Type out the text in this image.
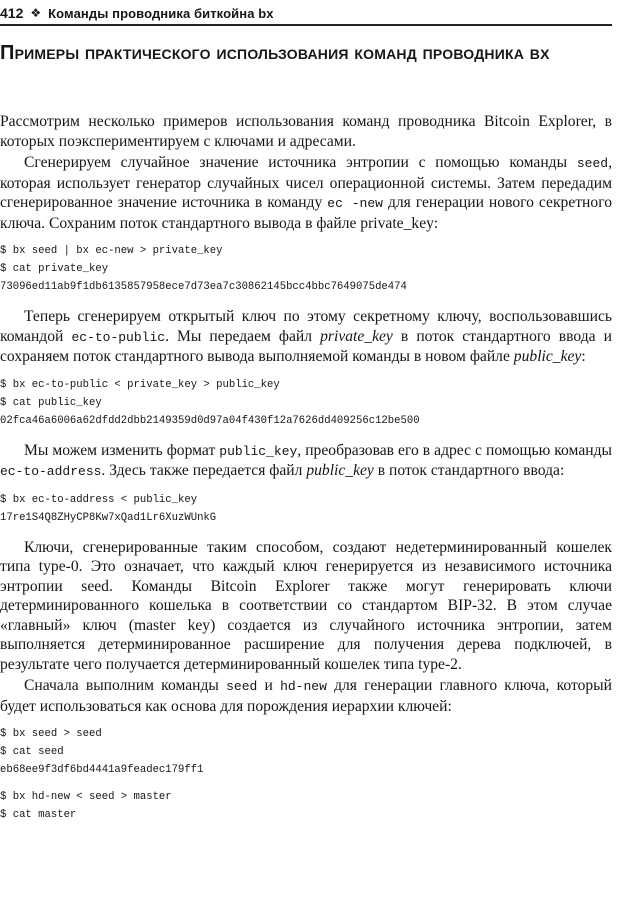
412 ❖ Команды проводника биткойна bx
Примеры практического использования команд проводника bx

Рассмотрим несколько примеров использования команд проводника Bitcoin Explorer, в которых поэкспериментируем с ключами и адресами.

Сгенерируем случайное значение источника энтропии с помощью команды seed, которая использует генератор случайных чисел операционной системы. Затем передадим сгенерированное значение источника в команду ec -new для генерации нового секретного ключа. Сохраним поток стандартного вывода в файле private_key:

$ bx seed | bx ec-new > private_key
$ cat private_key
73096ed11ab9f1db6135857958ece7d73ea7c30862145bcc4bbc7649075de474

Теперь сгенерируем открытый ключ по этому секретному ключу, воспользовавшись командой ec-to-public. Мы передаем файл private_key в поток стандартного ввода и сохраняем поток стандартного вывода выполняемой команды в новом файле public_key:

$ bx ec-to-public < private_key > public_key
$ cat public_key
02fca46a6006a62dfdd2dbb2149359d0d97a04f430f12a7626dd409256c12be500

Мы можем изменить формат public_key, преобразовав его в адрес с помощью команды ec-to-address. Здесь также передается файл public_key в поток стандартного ввода:

$ bx ec-to-address < public_key
17re1S4Q8ZHyCP8Kw7xQad1Lr6XuzWUnkG

Ключи, сгенерированные таким способом, создают недетерминированный кошелек типа type-0. Это означает, что каждый ключ генерируется из независимого источника энтропии seed. Команды Bitcoin Explorer также могут генерировать ключи детерминированного кошелька в соответствии со стандартом BIP-32. В этом случае «главный» ключ (master key) создается из случайного источника энтропии, затем выполняется детерминированное расширение для получения дерева подключей, в результате чего получается детерминированный кошелек типа type-2.

Сначала выполним команды seed и hd-new для генерации главного ключа, который будет использоваться как основа для порождения иерархии ключей:

$ bx seed > seed
$ cat seed
eb68ee9f3df6bd4441a9feadec179ff1
$ bx hd-new < seed > master
$ cat master
